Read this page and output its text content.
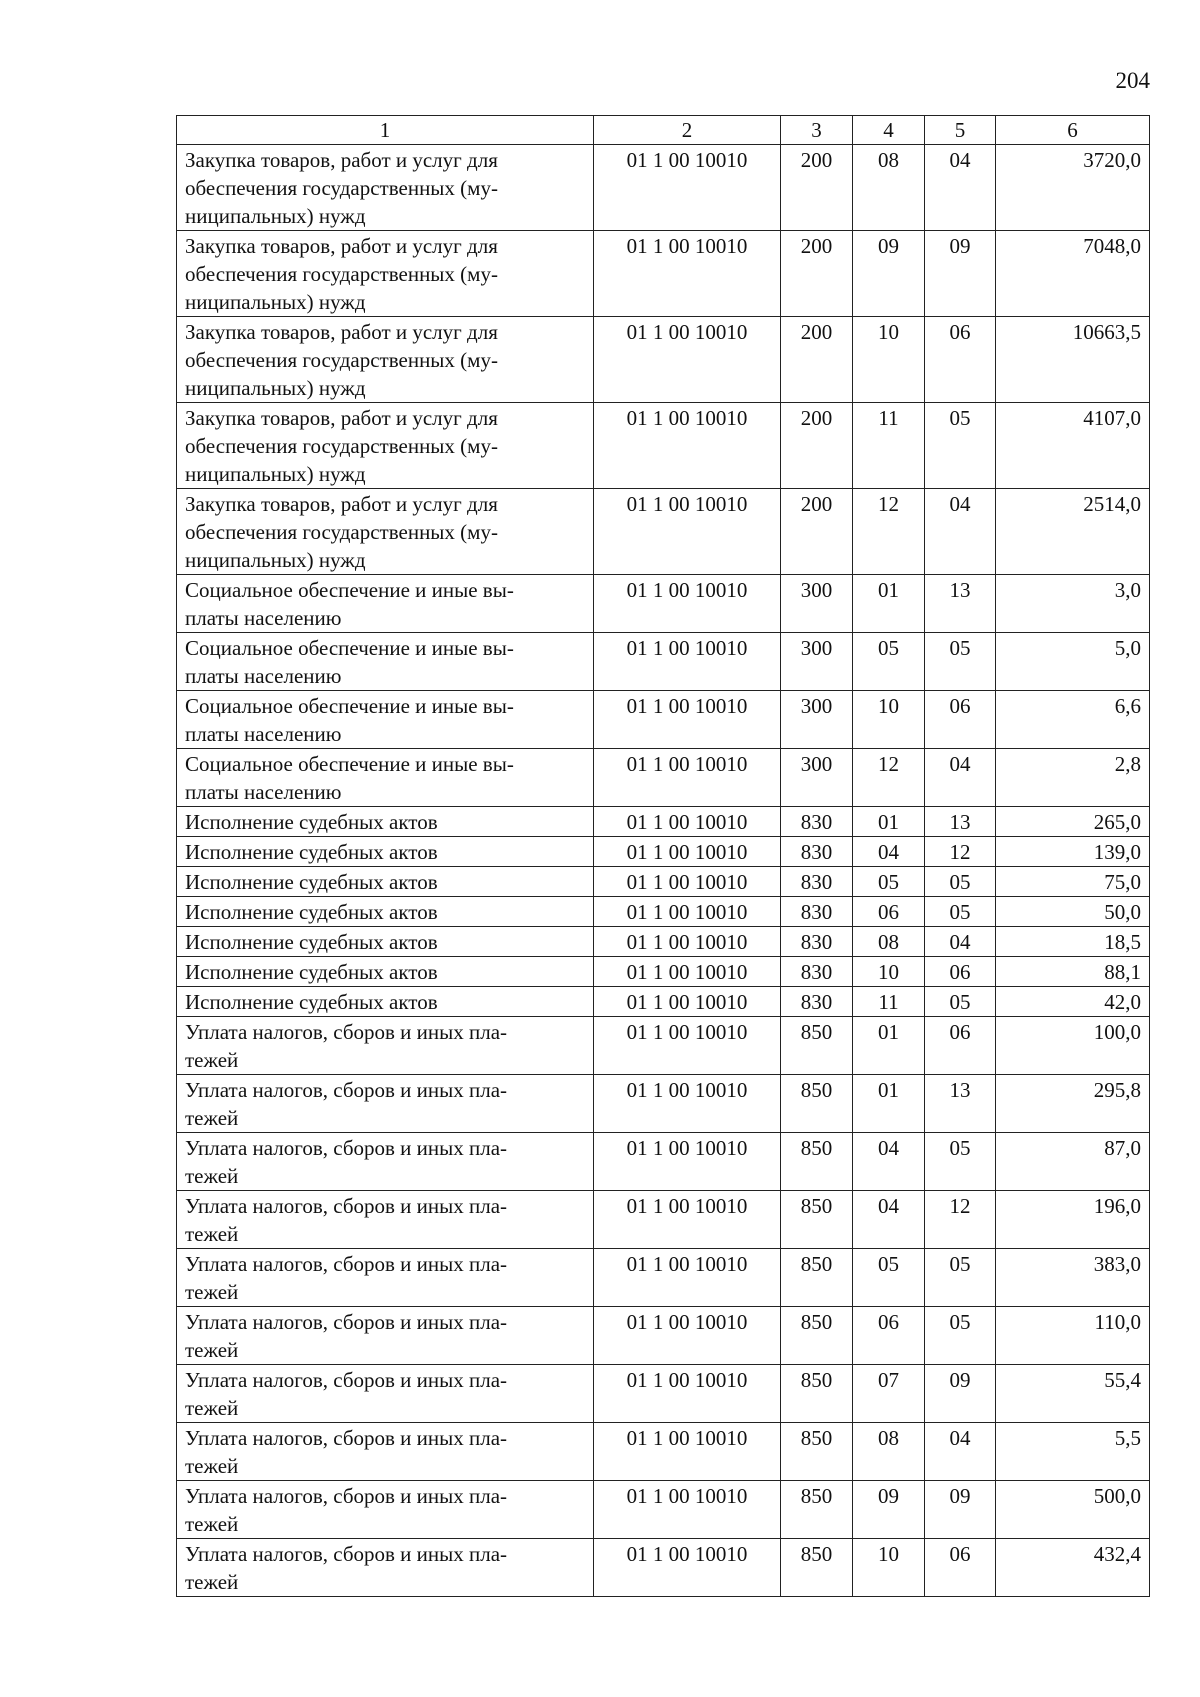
204
1	2	3	4	5	6

Закупка товаров, работ и услуг для
обеспечения государственных (му-
ниципальных) нужд	01 1 00 10010	200	08	04	3720,0

Закупка товаров, работ и услуг для
обеспечения государственных (му-
ниципальных) нужд	01 1 00 10010	200	09	09	7048,0

Закупка товаров, работ и услуг для
обеспечения государственных (му-
ниципальных) нужд	01 1 00 10010	200	10	06	10663,5

Закупка товаров, работ и услуг для
обеспечения государственных (му-
ниципальных) нужд	01 1 00 10010	200	11	05	4107,0

Закупка товаров, работ и услуг для
обеспечения государственных (му-
ниципальных) нужд	01 1 00 10010	200	12	04	2514,0

Социальное обеспечение и иные вы-
платы населению	01 1 00 10010	300	01	13	3,0

Социальное обеспечение и иные вы-
платы населению	01 1 00 10010	300	05	05	5,0

Социальное обеспечение и иные вы-
платы населению	01 1 00 10010	300	10	06	6,6

Социальное обеспечение и иные вы-
платы населению	01 1 00 10010	300	12	04	2,8

Исполнение судебных актов	01 1 00 10010	830	01	13	265,0

Исполнение судебных актов	01 1 00 10010	830	04	12	139,0

Исполнение судебных актов	01 1 00 10010	830	05	05	75,0

Исполнение судебных актов	01 1 00 10010	830	06	05	50,0

Исполнение судебных актов	01 1 00 10010	830	08	04	18,5

Исполнение судебных актов	01 1 00 10010	830	10	06	88,1

Исполнение судебных актов	01 1 00 10010	830	11	05	42,0

Уплата налогов, сборов и иных пла-
тежей	01 1 00 10010	850	01	06	100,0

Уплата налогов, сборов и иных пла-
тежей	01 1 00 10010	850	01	13	295,8

Уплата налогов, сборов и иных пла-
тежей	01 1 00 10010	850	04	05	87,0

Уплата налогов, сборов и иных пла-
тежей	01 1 00 10010	850	04	12	196,0

Уплата налогов, сборов и иных пла-
тежей	01 1 00 10010	850	05	05	383,0

Уплата налогов, сборов и иных пла-
тежей	01 1 00 10010	850	06	05	110,0

Уплата налогов, сборов и иных пла-
тежей	01 1 00 10010	850	07	09	55,4

Уплата налогов, сборов и иных пла-
тежей	01 1 00 10010	850	08	04	5,5

Уплата налогов, сборов и иных пла-
тежей	01 1 00 10010	850	09	09	500,0

Уплата налогов, сборов и иных пла-
тежей	01 1 00 10010	850	10	06	432,4
